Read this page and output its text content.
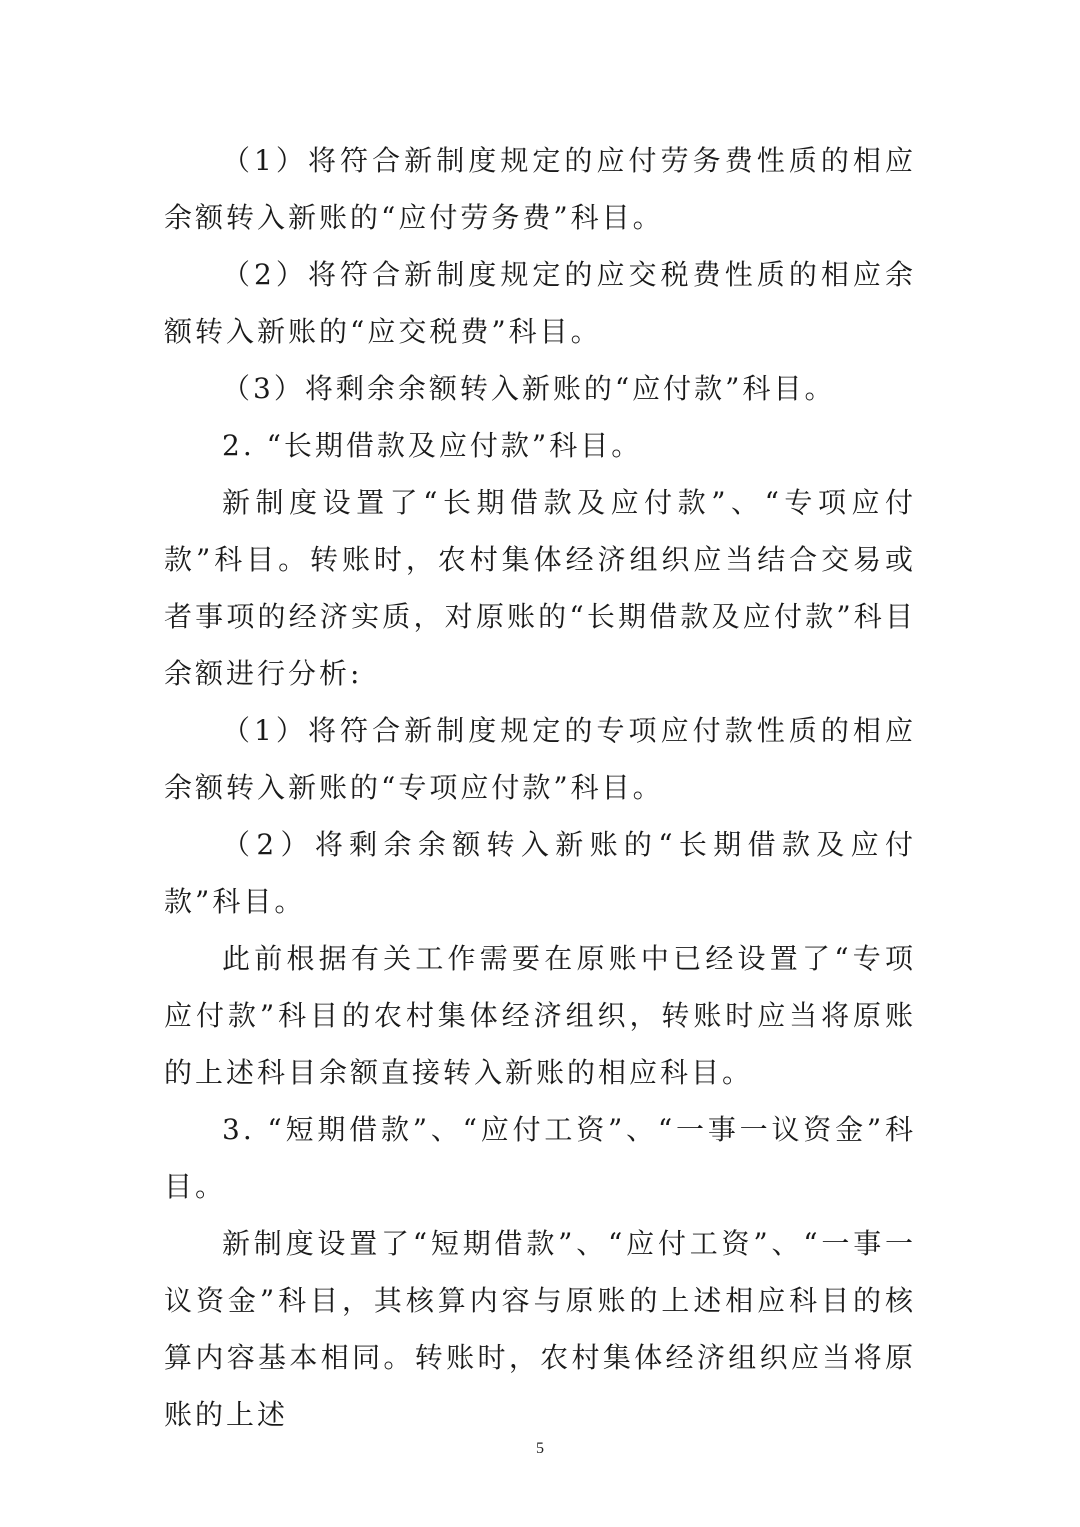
（1）将符合新制度规定的应付劳务费性质的相应余额转入新账的“应付劳务费”科目。

（2）将符合新制度规定的应交税费性质的相应余额转入新账的“应交税费”科目。

（3）将剩余余额转入新账的“应付款”科目。

2. “长期借款及应付款”科目。

新制度设置了“长期借款及应付款”、“专项应付款”科目。转账时，农村集体经济组织应当结合交易或者事项的经济实质，对原账的“长期借款及应付款”科目余额进行分析:

（1）将符合新制度规定的专项应付款性质的相应余额转入新账的“专项应付款”科目。

（2）将剩余余额转入新账的“长期借款及应付款”科目。

此前根据有关工作需要在原账中已经设置了“专项应付款”科目的农村集体经济组织，转账时应当将原账的上述科目余额直接转入新账的相应科目。

3. “短期借款”、“应付工资”、“一事一议资金”科目。

新制度设置了“短期借款”、“应付工资”、“一事一议资金”科目，其核算内容与原账的上述相应科目的核算内容基本相同。转账时，农村集体经济组织应当将原账的上述

5
